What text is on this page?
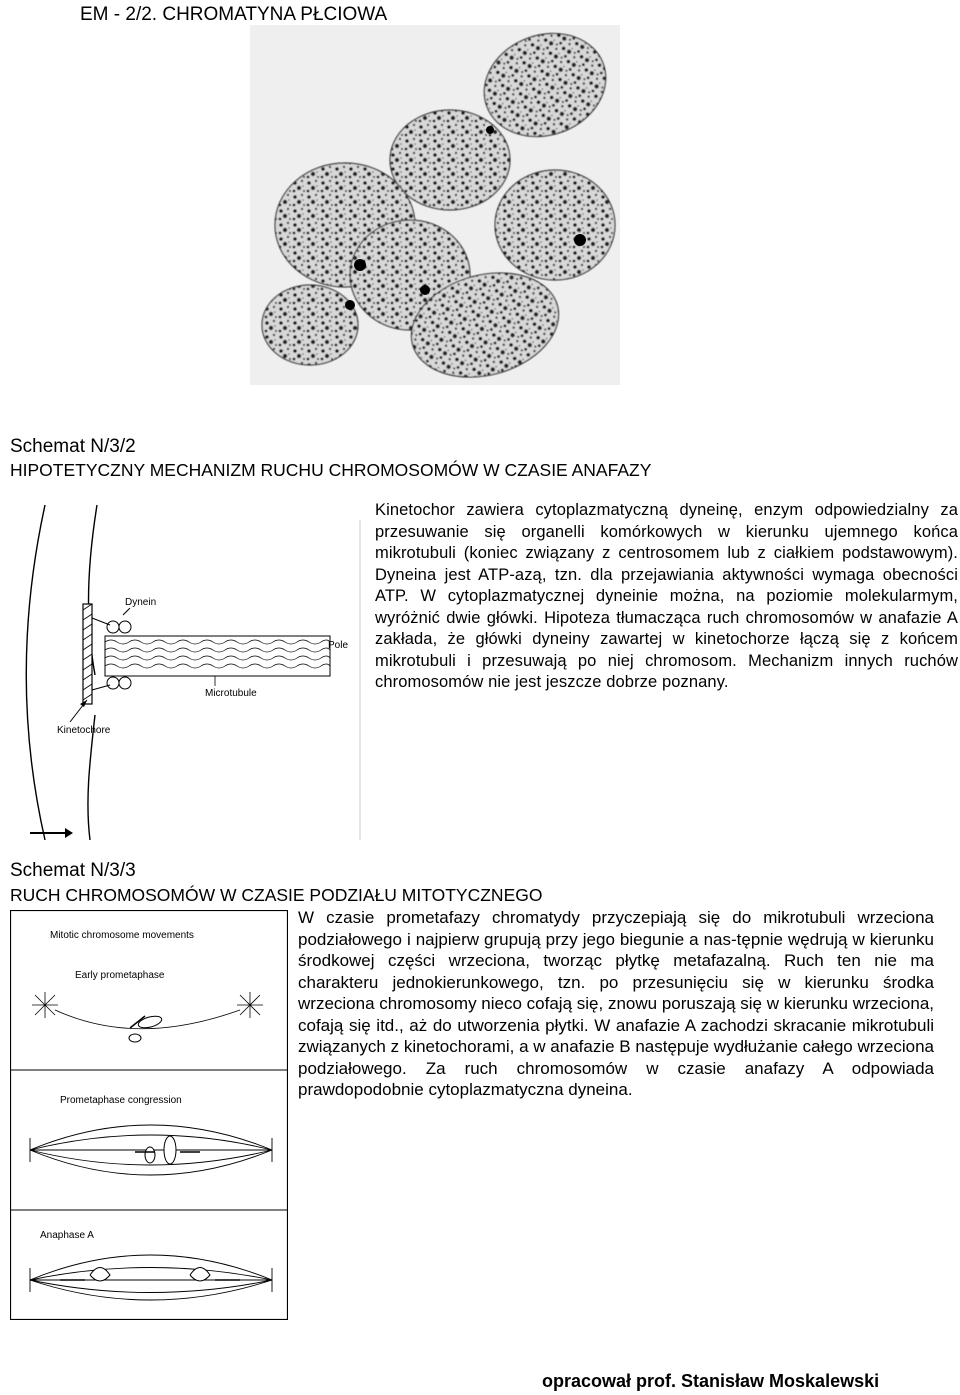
EM - 2/2. CHROMATYNA PŁCIOWA
Schemat N/3/2
HIPOTETYCZNY MECHANIZM RUCHU CHROMOSOMÓW W CZASIE ANAFAZY
Dynein
Pole
Microtubule
Kinetochore
Kinetochor zawiera cytoplazmatyczną dyneinę, enzym odpowiedzialny za przesuwanie się organelli komórkowych w kierunku ujemnego końca mikrotubuli (koniec związany z centrosomem lub z ciałkiem podstawowym). Dyneina jest ATP-azą, tzn. dla przejawiania aktywności wymaga obecności ATP. W cytoplazmatycznej dyneinie można, na poziomie molekularmym, wyróżnić dwie główki. Hipoteza tłumacząca ruch chromosomów w anafazie A zakłada, że główki dyneiny zawartej w kinetochorze łączą się z końcem mikrotubuli i przesuwają po niej chromosom. Mechanizm innych ruchów chromosomów nie jest jeszcze dobrze poznany.
Schemat N/3/3
RUCH CHROMOSOMÓW W CZASIE PODZIAŁU MITOTYCZNEGO
Mitotic chromosome movements
Early prometaphase
Prometaphase congression
Anaphase A
W czasie prometafazy chromatydy przyczepiają się do mikrotubuli wrzeciona podziałowego i najpierw grupują przy jego biegunie a nas-tępnie wędrują w kierunku środkowej części wrzeciona, tworząc płytkę metafazalną. Ruch ten nie ma charakteru jednokierunkowego, tzn. po przesunięciu się w kierunku środka wrzeciona chromosomy nieco cofają się, znowu poruszają się w kierunku wrzeciona, cofają się itd., aż do utworzenia płytki. W anafazie A zachodzi skracanie mikrotubuli związanych z kinetochorami, a w anafazie B następuje wydłużanie całego wrzeciona podziałowego. Za ruch chromosomów w czasie anafazy A odpowiada prawdopodobnie cytoplazmatyczna dyneina.
opracował prof. Stanisław Moskalewski
